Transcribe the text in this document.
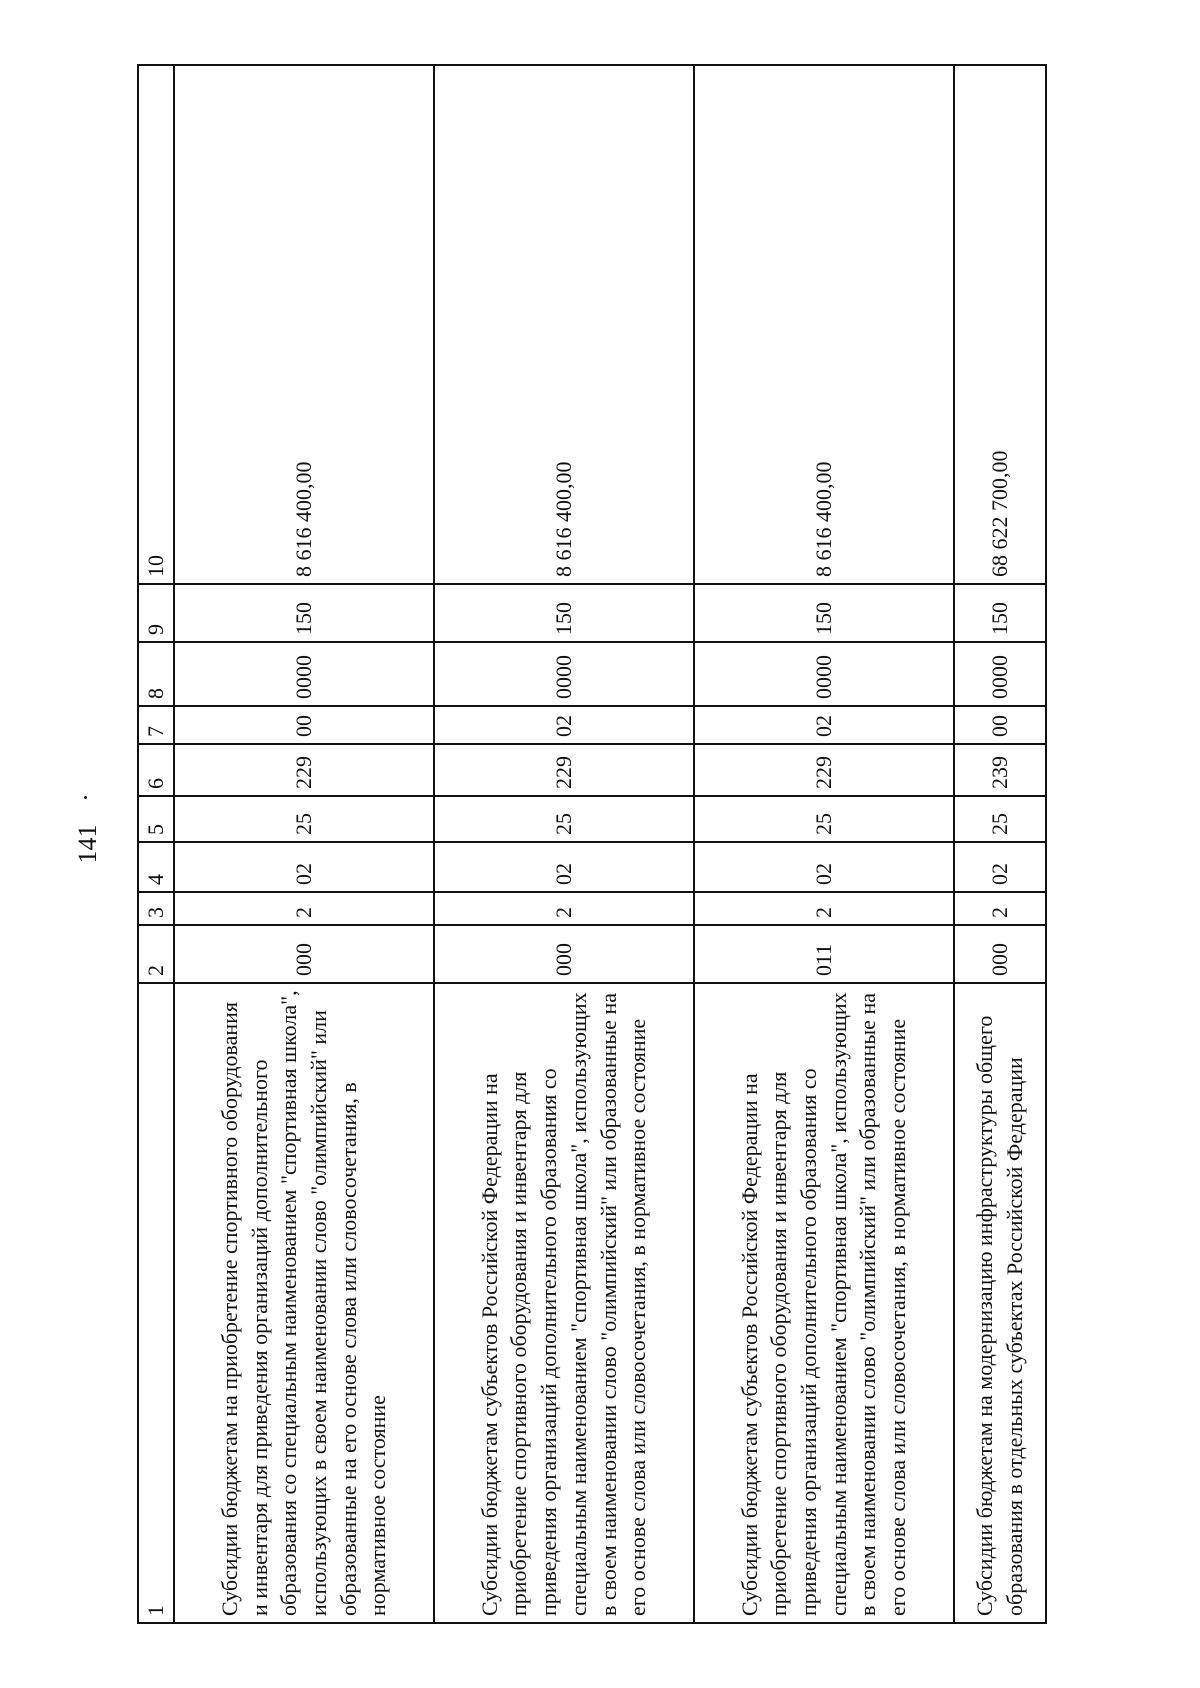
141
1	2	3	4	5	6	7	8	9	10
Субсидии бюджетам на приобретение спортивного оборудования и инвентаря для приведения организаций дополнительного образования со специальным наименованием "спортивная школа", использующих в своем наименовании слово "олимпийский" или образованные на его основе слова или словосочетания, в нормативное состояние	000	2	02	25	229	00	0000	150	8 616 400,00
Субсидии бюджетам субъектов Российской Федерации на приобретение спортивного оборудования и инвентаря для приведения организаций дополнительного образования со специальным наименованием "спортивная школа", использующих в своем наименовании слово "олимпийский" или образованные на его основе слова или словосочетания, в нормативное состояние	000	2	02	25	229	02	0000	150	8 616 400,00
Субсидии бюджетам субъектов Российской Федерации на приобретение спортивного оборудования и инвентаря для приведения организаций дополнительного образования со специальным наименованием "спортивная школа", использующих в своем наименовании слово "олимпийский" или образованные на его основе слова или словосочетания, в нормативное состояние	011	2	02	25	229	02	0000	150	8 616 400,00
Субсидии бюджетам на модернизацию инфраструктуры общего образования в отдельных субъектах Российской Федерации	000	2	02	25	239	00	0000	150	68 622 700,00
